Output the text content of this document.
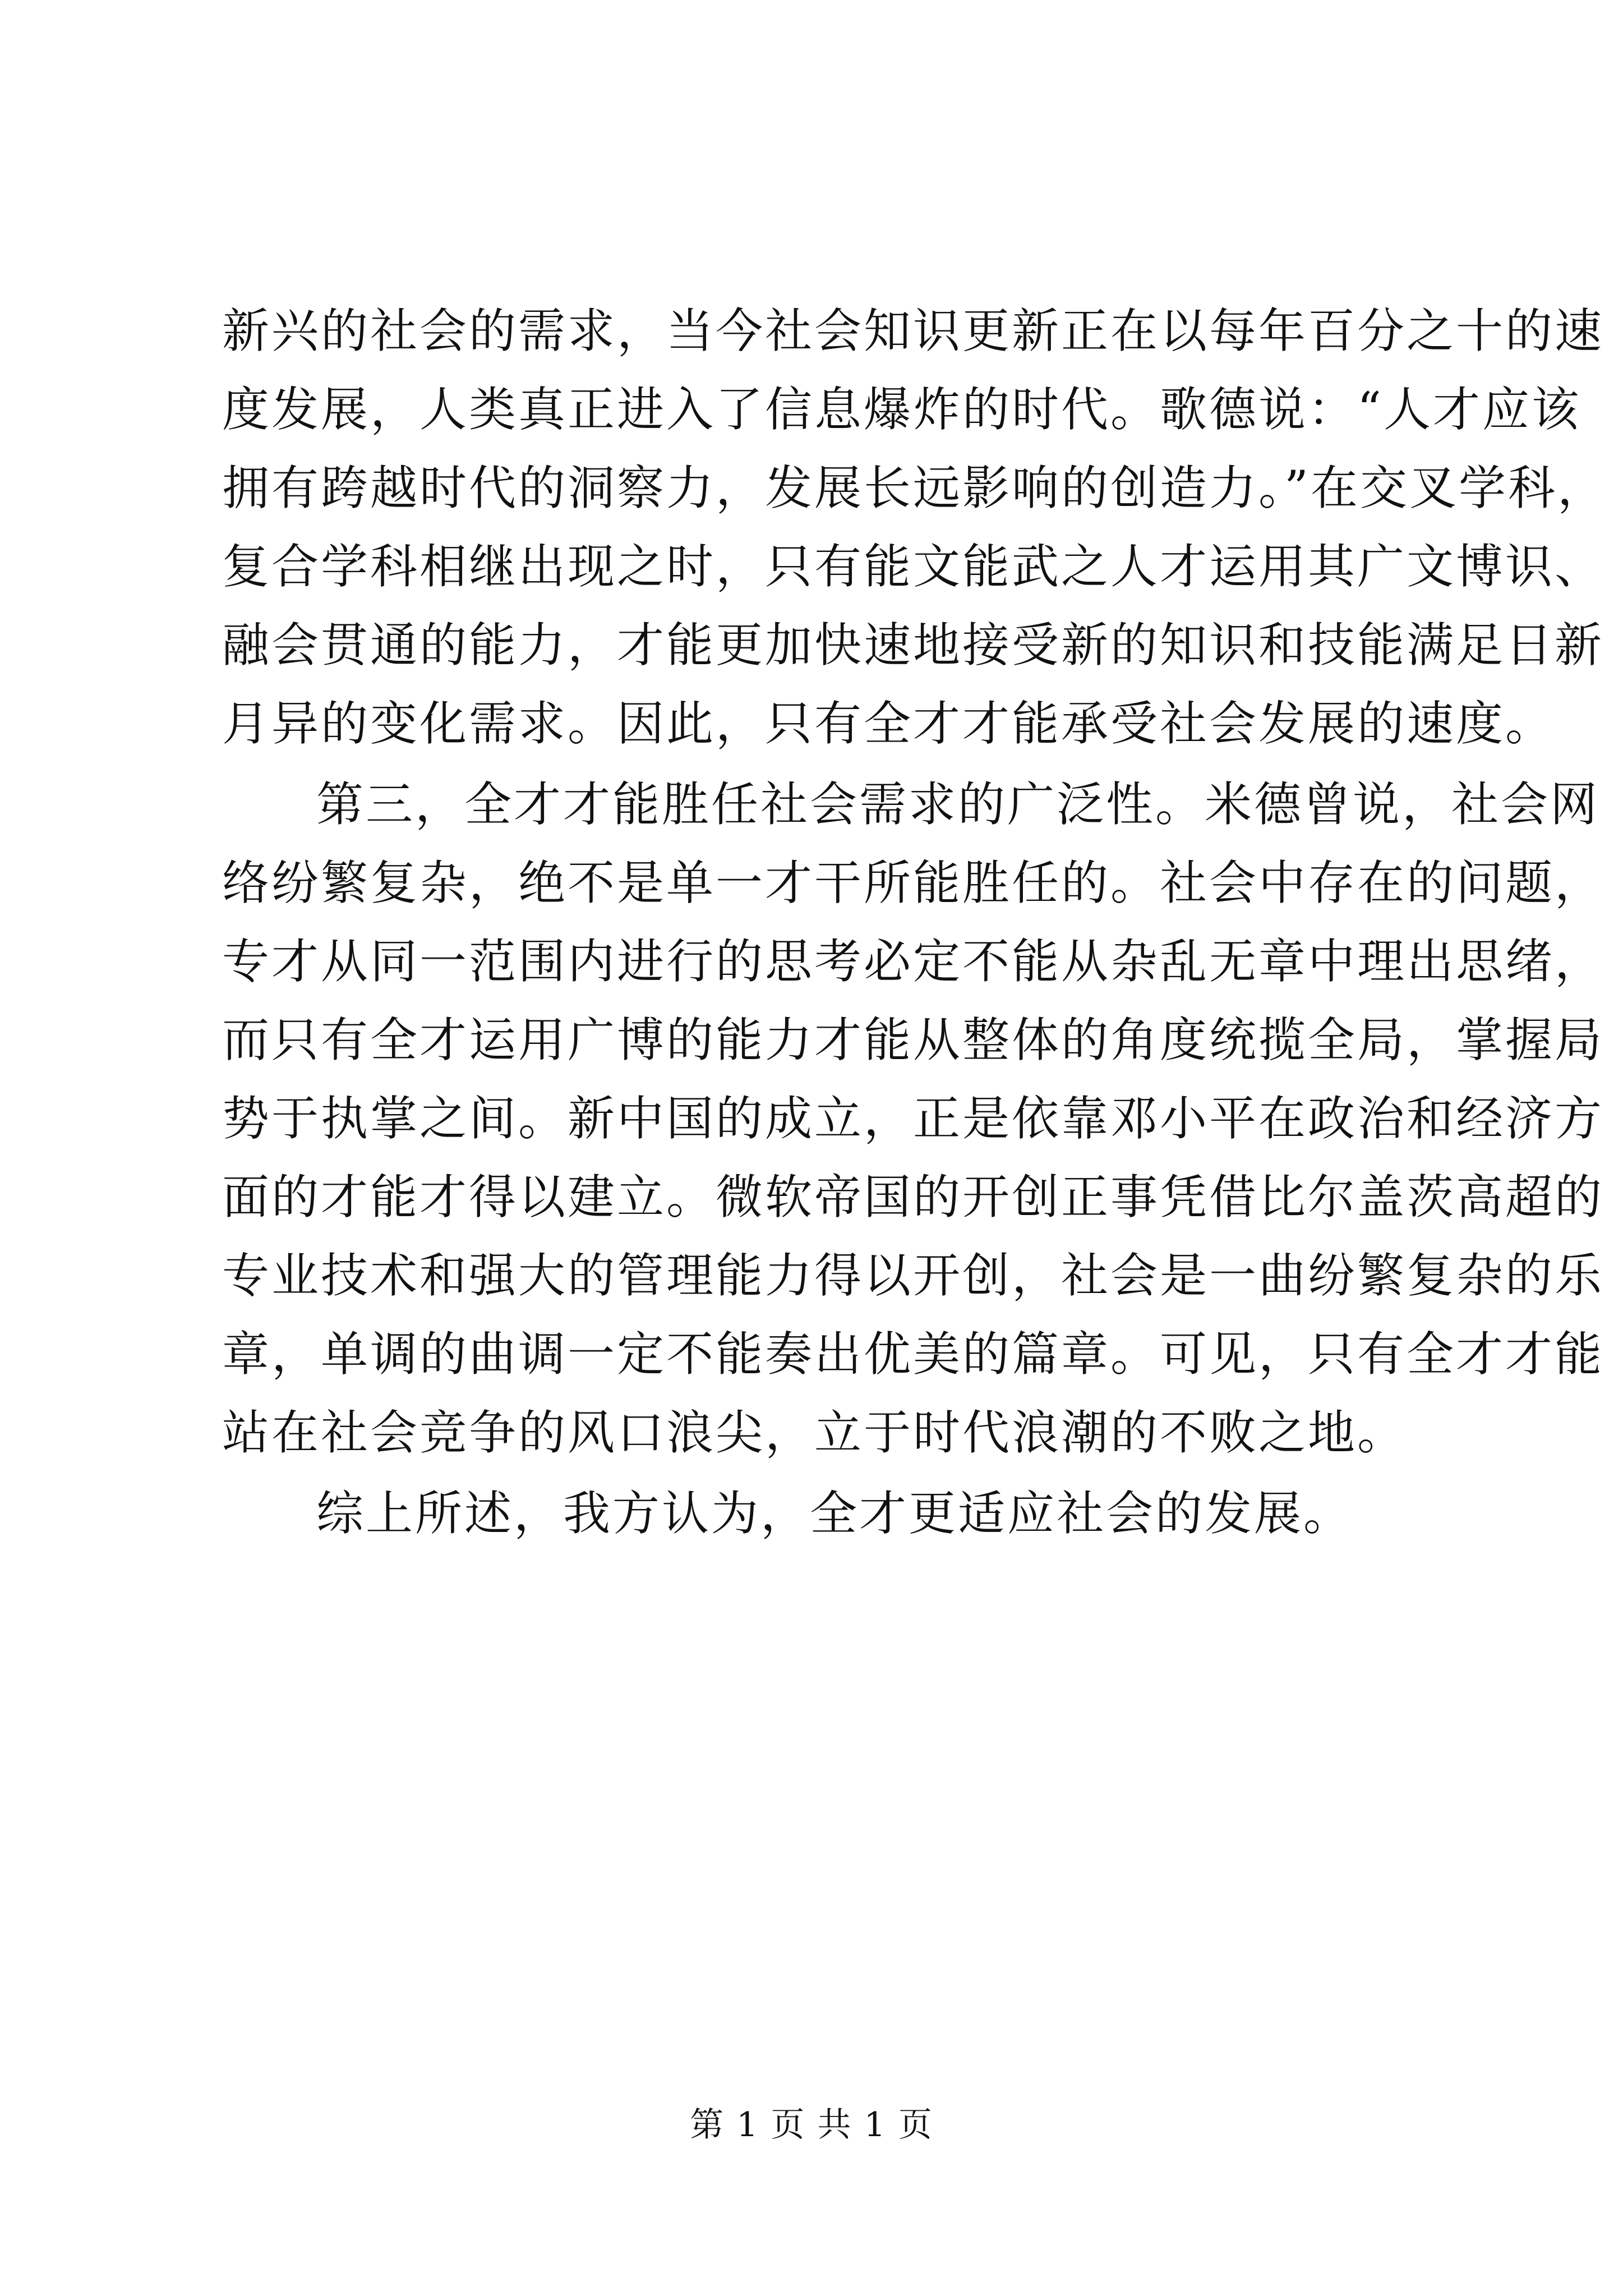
新兴的社会的需求，当今社会知识更新正在以每年百分之十的速
度发展，人类真正进入了信息爆炸的时代。歌德说：“人才应该
拥有跨越时代的洞察力，发展长远影响的创造力。”在交叉学科，
复合学科相继出现之时，只有能文能武之人才运用其广文博识、
融会贯通的能力，才能更加快速地接受新的知识和技能满足日新
月异的变化需求。因此，只有全才才能承受社会发展的速度。
第三，全才才能胜任社会需求的广泛性。米德曾说，社会网
络纷繁复杂，绝不是单一才干所能胜任的。社会中存在的问题，
专才从同一范围内进行的思考必定不能从杂乱无章中理出思绪，
而只有全才运用广博的能力才能从整体的角度统揽全局，掌握局
势于执掌之间。新中国的成立，正是依靠邓小平在政治和经济方
面的才能才得以建立。微软帝国的开创正事凭借比尔盖茨高超的
专业技术和强大的管理能力得以开创，社会是一曲纷繁复杂的乐
章，单调的曲调一定不能奏出优美的篇章。可见，只有全才才能
站在社会竞争的风口浪尖，立于时代浪潮的不败之地。
综上所述，我方认为，全才更适应社会的发展。
第 1 页 共 1 页
